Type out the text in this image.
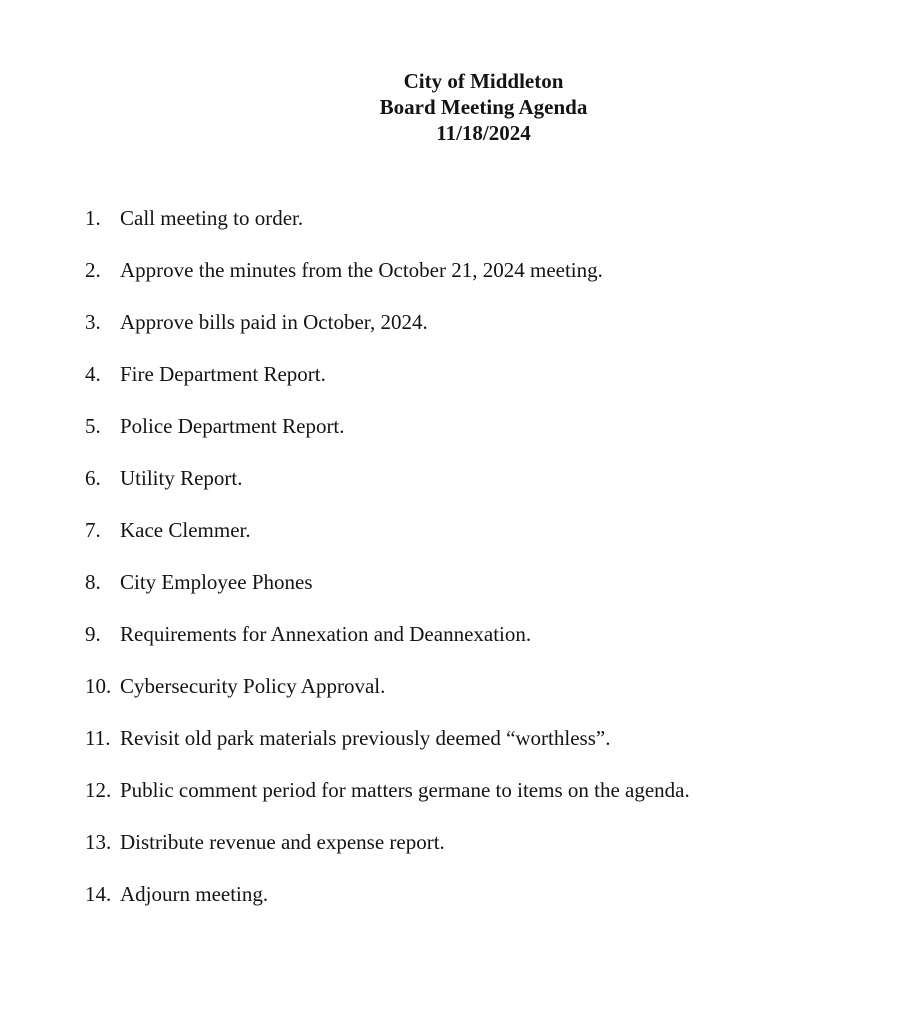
City of Middleton
Board Meeting Agenda
11/18/2024
1. Call meeting to order.
2. Approve the minutes from the October 21, 2024 meeting.
3. Approve bills paid in October, 2024.
4. Fire Department Report.
5. Police Department Report.
6. Utility Report.
7. Kace Clemmer.
8. City Employee Phones
9. Requirements for Annexation and Deannexation.
10. Cybersecurity Policy Approval.
11. Revisit old park materials previously deemed “worthless”.
12. Public comment period for matters germane to items on the agenda.
13. Distribute revenue and expense report.
14. Adjourn meeting.
